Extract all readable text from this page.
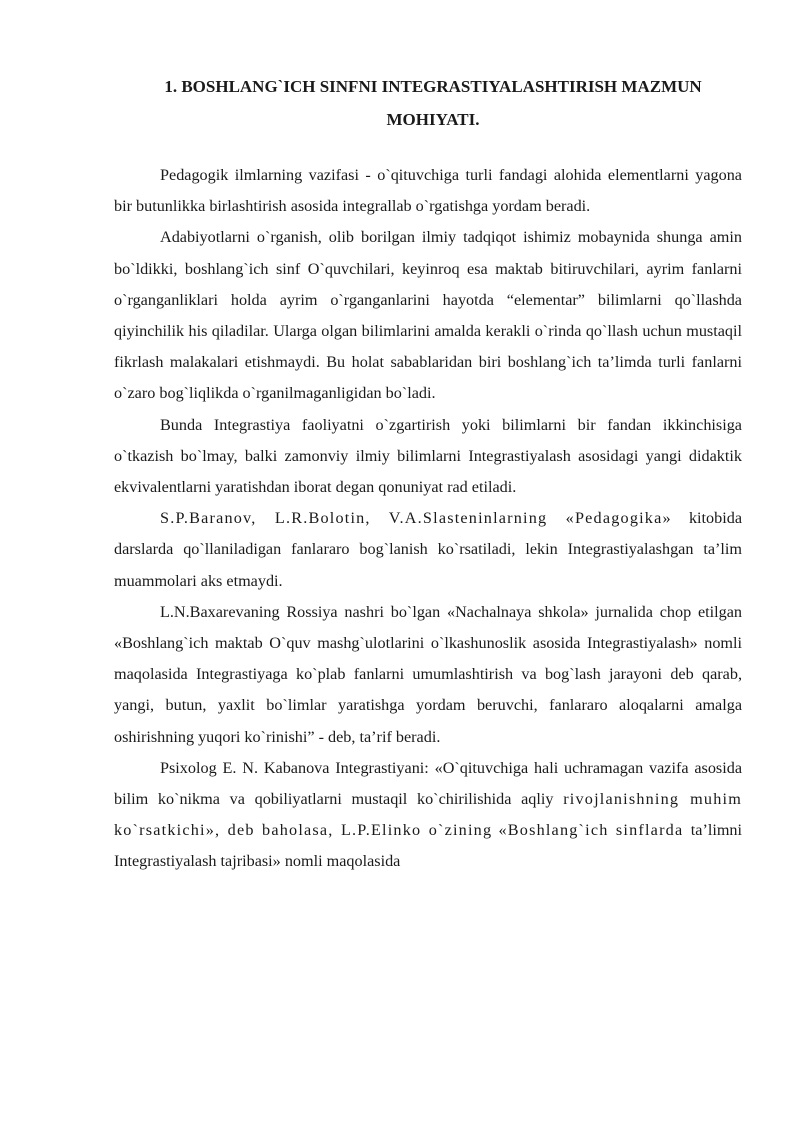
1. BOSHLANG`ICH SINFNI INTEGRASTIYALASHTIRISH MAZMUN
MOHIYATI.

Pedagogik ilmlarning vazifasi - o`qituvchiga turli fandagi alohida elementlarni yagona bir butunlikka birlashtirish asosida integrallab o`rgatishga yordam beradi.

Adabiyotlarni o`rganish, olib borilgan ilmiy tadqiqot ishimiz mobaynida shunga amin bo`ldikki, boshlang`ich sinf O`quvchilari, keyinroq esa maktab bitiruvchilari, ayrim fanlarni o`rganganliklari holda ayrim o`rganganlarini hayotda “elementar” bilimlarni qo`llashda qiyinchilik his qiladilar. Ularga olgan bilimlarini amalda kerakli o`rinda qo`llash uchun mustaqil fikrlash malakalari etishmaydi. Bu holat sabablaridan biri boshlang`ich ta’limda turli fanlarni o`zaro bog`liqlikda o`rganilmaganligidan bo`ladi.

Bunda Integrastiya faoliyatni o`zgartirish yoki bilimlarni bir fandan ikkinchisiga o`tkazish bo`lmay, balki zamonviy ilmiy bilimlarni Integrastiyalash asosidagi yangi didaktik ekvivalentlarni yaratishdan iborat degan qonuniyat rad etiladi.

S.P.Baranov, L.R.Bolotin, V.A.Slasteninlarning «Pedagogika» kitobida darslarda qo`llaniladigan fanlararo bog`lanish ko`rsatiladi, lekin Integrastiyalashgan ta’lim muammolari aks etmaydi.

L.N.Baxarevaning Rossiya nashri bo`lgan «Nachalnaya shkola» jurnalida chop etilgan «Boshlang`ich maktab O`quv mashg`ulotlarini o`lkashunoslik asosida Integrastiyalash» nomli maqolasida Integrastiyaga ko`plab fanlarni umumlashtirish va bog`lash jarayoni deb qarab, yangi, butun, yaxlit bo`limlar yaratishga yordam beruvchi, fanlararo aloqalarni amalga oshirishning yuqori ko`rinishi” - deb, ta’rif beradi.

Psixolog E. N. Kabanova Integrastiyani: «O`qituvchiga hali uchramagan vazifa asosida bilim ko`nikma va qobiliyatlarni mustaqil ko`chirilishida aqliy rivojlanishning muhim ko`rsatkichi», deb baholasa, L.P.Elinko o`zining «Boshlang`ich sinflarda ta’limni Integrastiyalash tajribasi» nomli maqolasida
